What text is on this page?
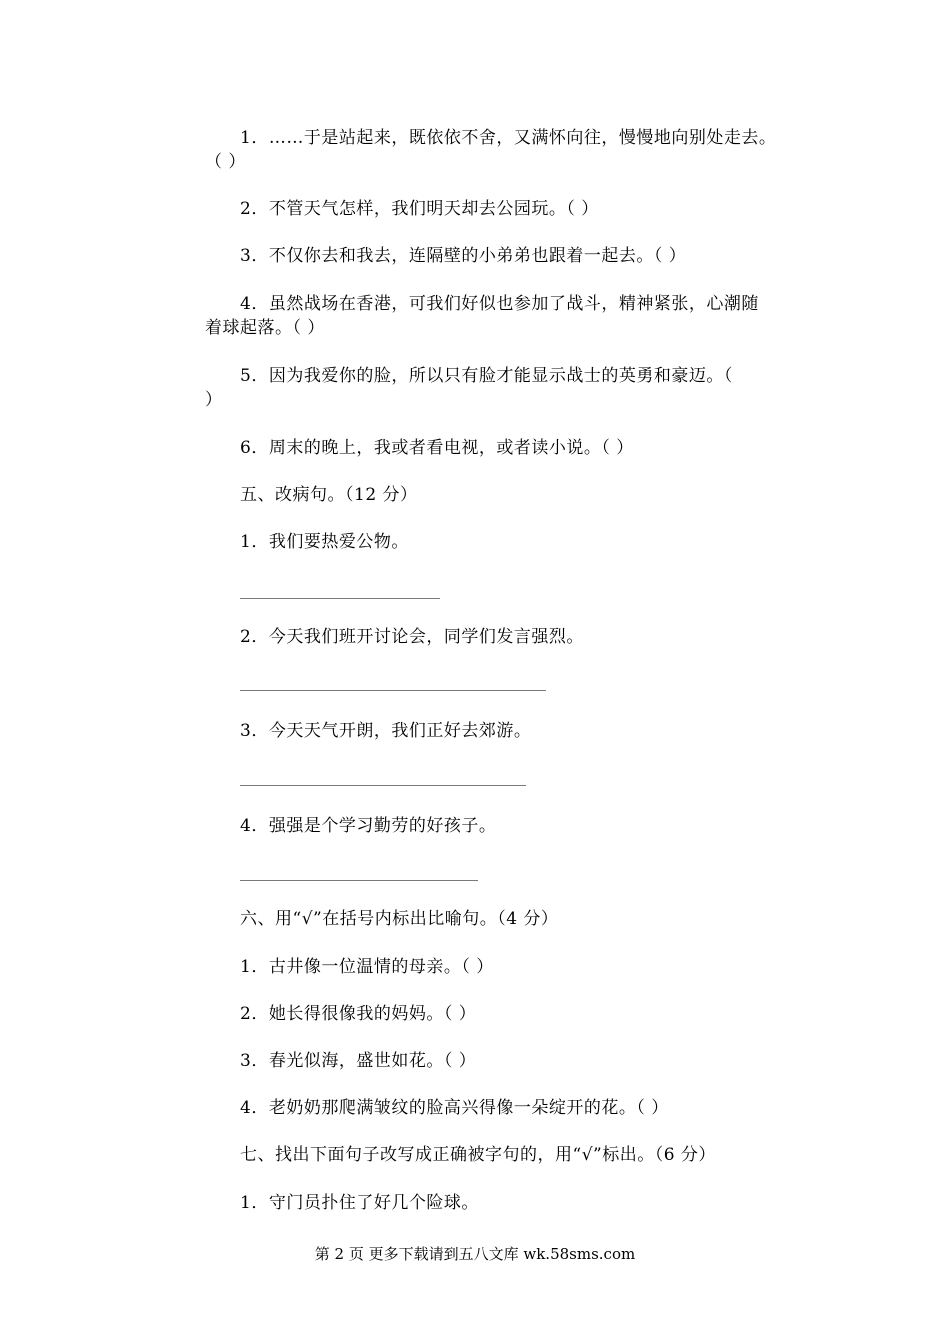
1．……于是站起来，既依依不舍，又满怀向往，慢慢地向别处走去。
（ ）
2．不管天气怎样，我们明天却去公园玩。（ ）
3．不仅你去和我去，连隔壁的小弟弟也跟着一起去。（ ）
4．虽然战场在香港，可我们好似也参加了战斗，精神紧张，心潮随
着球起落。（ ）
5．因为我爱你的脸，所以只有脸才能显示战士的英勇和豪迈。（
）
6．周末的晚上，我或者看电视，或者读小说。（ ）
五、改病句。（12 分）
1．我们要热爱公物。
2．今天我们班开讨论会，同学们发言强烈。
3．今天天气开朗，我们正好去郊游。
4．强强是个学习勤劳的好孩子。
六、用“√”在括号内标出比喻句。（4 分）
1．古井像一位温情的母亲。（ ）
2．她长得很像我的妈妈。（ ）
3．春光似海，盛世如花。（ ）
4．老奶奶那爬满皱纹的脸高兴得像一朵绽开的花。（ ）
七、找出下面句子改写成正确被字句的，用“√”标出。（6 分）
1．守门员扑住了好几个险球。
第 2 页 更多下载请到五八文库 wk.58sms.com
